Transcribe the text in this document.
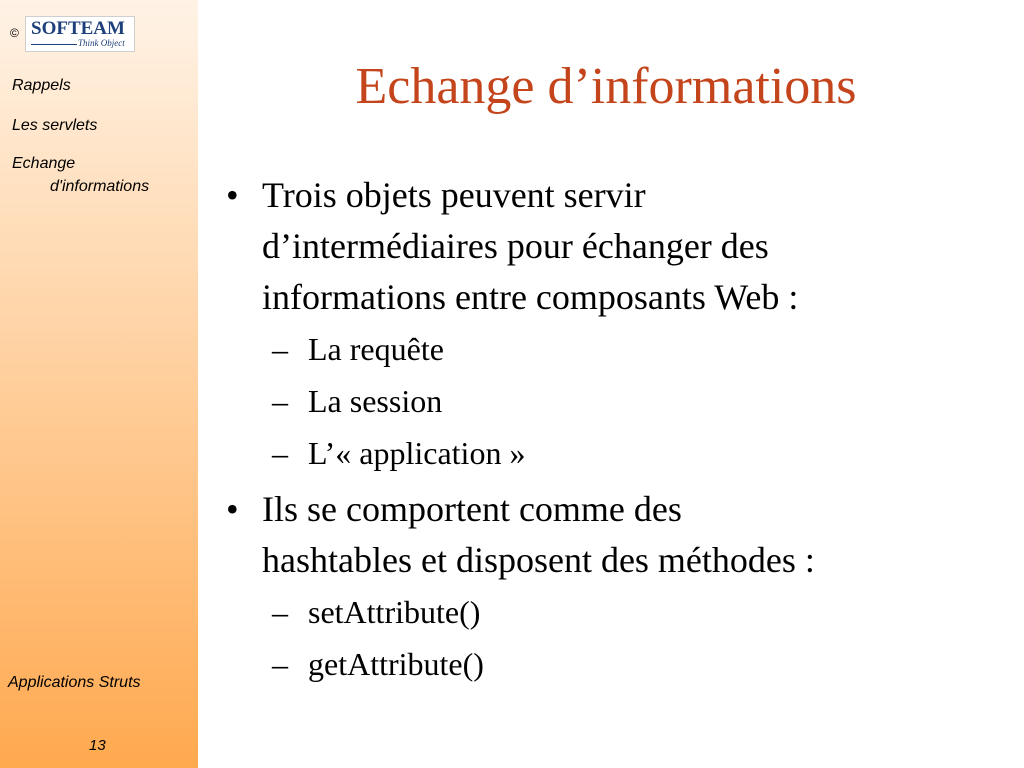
© SOFTEAM
Think Object
Rappels
Les servlets
Echange
d'informations
Applications Struts
13
Echange d’informations
• Trois objets peuvent servir
d’intermédiaires pour échanger des
informations entre composants Web :
– La requête
– La session
– L’« application »
• Ils se comportent comme des
hashtables et disposent des méthodes :
– setAttribute()
– getAttribute()
